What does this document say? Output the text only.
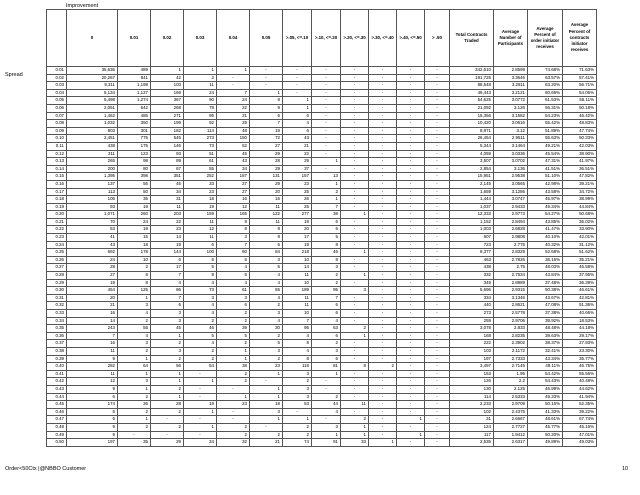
Improvement
Spread
	0	0.01	0.02	0.03	0.04	0.05	>.05, <=.10	>.10, <=.20	>.20, <=.30	>.30, <=.40	>.40, <=.50	> .50	Total Contracts Traded	Average Number of Participants	Average Percent of order initiator receives	Average Percent of contracts initiator receives
0.01	35,636	489	1	1	1	-	-	-	-	-	-	-	342,610	2.8599	74.68%	71.63%
0.02	20,267	841	42	2	-	-	-	-	-	-	-	-	191,725	3.3646	63.57%	57.41%
0.03	9,311	1,198	103	11	-	-	-	-	-	-	-	-	88,548	3.2811	63.20%	56.71%
0.04	5,134	1,127	169	24	7	1	-	-	-	-	-	-	49,443	3.2121	60.69%	54.06%
0.05	5,498	1,274	367	90	24	8	1	-	-	-	-	-	54,625	3.0772	61.53%	55.11%
0.06	2,051	642	268	78	22	9	1	-	-	-	-	-	21,092	3.126	56.31%	50.18%
0.07	1,462	485	271	95	21	6	6	-	-	-	-	-	15,356	3.1582	54.23%	46.42%
0.08	1,032	350	199	92	29	7	4	-	-	-	-	-	10,420	3.0616	55.42%	48.83%
0.09	803	301	182	114	48	19	6	-	-	-	-	-	8,971	3.12	51.89%	47.74%
0.10	2,451	775	545	273	150	72	43	-	-	-	-	-	26,454	2.9511	55.63%	50.33%
0.11	438	175	146	73	52	27	21	-	-	-	-	-	5,344	3.1464	49.21%	42.03%
0.12	311	123	93	51	45	29	22	-	-	-	-	-	4,059	3.0336	45.54%	38.90%
0.13	265	98	89	61	43	28	29	1	-	-	-	-	3,507	3.0702	47.31%	41.97%
0.14	200	80	67	55	34	29	37	-	-	-	-	-	2,854	3.136	41.51%	36.51%
0.15	1,395	398	351	252	187	131	157	13	-	-	-	-	15,951	2.9538	51.10%	47.82%
0.16	137	56	45	33	27	29	23	1	-	-	-	-	2,145	3.0565	42.98%	39.21%
0.17	113	50	34	23	27	20	25	2	-	-	-	-	1,659	3.1286	43.58%	34.72%
0.18	106	35	31	18	16	15	26	1	-	-	-	-	1,444	3.0747	45.97%	38.99%
0.19	93	19	11	19	12	11	25	7	-	-	-	-	1,037	2.9433	49.34%	44.84%
0.20	1,071	260	203	159	165	122	277	38	1	-	-	-	12,333	2.9773	54.27%	50.68%
0.21	70	24	22	11	9	11	19	6	-	-	-	-	1,152	2.8494	43.85%	36.02%
0.22	53	19	23	12	8	8	20	6	-	-	-	-	1,003	2.6828	41.47%	33.90%
0.23	41	15	14	11	3	8	17	5	-	-	-	-	607	2.9808	40.10%	42.01%
0.24	43	18	19	6	7	5	19	8	-	-	-	-	723	2.775	40.32%	31.12%
0.25	692	178	144	100	80	84	218	46	1	-	-	-	8,377	2.8329	52.68%	51.62%
0.26	24	10	6	5	5	3	10	8	-	-	-	-	463	2.7826	36.16%	35.21%
0.27	28	2	17	5	4	5	14	3	-	-	-	-	438	2.75	48.03%	46.58%
0.28	27	8	7	8	5	4	11	2	1	-	-	-	332	2.7534	43.84%	37.95%
0.29	19	8	4	4	4	4	10	2	-	-	-	-	349	2.8889	37.48%	36.39%
0.30	454	125	86	73	61	55	189	95	3	-	-	-	5,696	2.9315	50.38%	46.61%
0.31	20	1	7	3	3	4	11	7	-	-	-	-	334	3.1346	43.67%	42.81%
0.32	21	3	6	4	6	2	11	6	-	-	-	-	440	2.8621	47.08%	51.36%
0.33	16	4	3	4	2	3	10	6	-	-	-	-	273	2.5778	37.38%	40.66%
0.34	14	2	3	2	2	4	7	4	-	-	-	-	259	2.9706	39.92%	18.53%
0.35	243	55	45	46	39	30	95	63	2	-	-	-	3,078	2.833	48.48%	44.18%
0.36	7	4	1	5	5	2	4	6	1	-	-	-	168	2.8235	39.63%	29.17%
0.37	16	3	2	4	2	5	8	2	-	-	-	-	222	2.3902	38.37%	27.93%
0.38	11	2	3	2	1	3	4	3	-	-	-	-	103	2.1172	32.41%	23.30%
0.39	9	1	2	2	1	2	8	6	-	-	-	-	197	2.7333	43.34%	35.77%
0.40	282	64	56	54	38	23	118	81	8	2	-	-	3,497	2.7145	49.11%	46.75%
0.41	11	1	1	-	2	1	3	1	-	-	-	-	153	1.95	54.42%	55.56%
0.42	12	3	1	1	2	-	2	-	-	-	-	-	126	2.2	54.43%	40.48%
0.43	9	1	2	-	-	1	3	-	-	-	-	-	130	2.125	46.99%	44.62%
0.44	6	2	1	-	1	1	3	2	-	-	-	-	114	2.5333	49.33%	41.94%
0.45	174	36	28	19	23	18	53	44	11	-	-	-	2,233	2.9709	50.15%	52.35%
0.46	5	2	2	1	-	3	-	4	-	-	-	-	102	2.4375	41.33%	39.22%
0.47	6	1	-	-	-	1	1	-	2	-	1	-	31	2.6667	48.61%	67.74%
0.48	9	2	2	1	2	-	2	3	1	-	-	-	124	2.7727	45.77%	45.16%
0.49	9	-	-	-	2	2	2	1	1	-	1	-	117	1.9412	50.20%	47.01%
0.50	197	35	29	34	32	21	74	91	33	1	-	-	2,535	2.6317	49.89%	49.03%
Order<50Ctx |@NBBO Customer	10
